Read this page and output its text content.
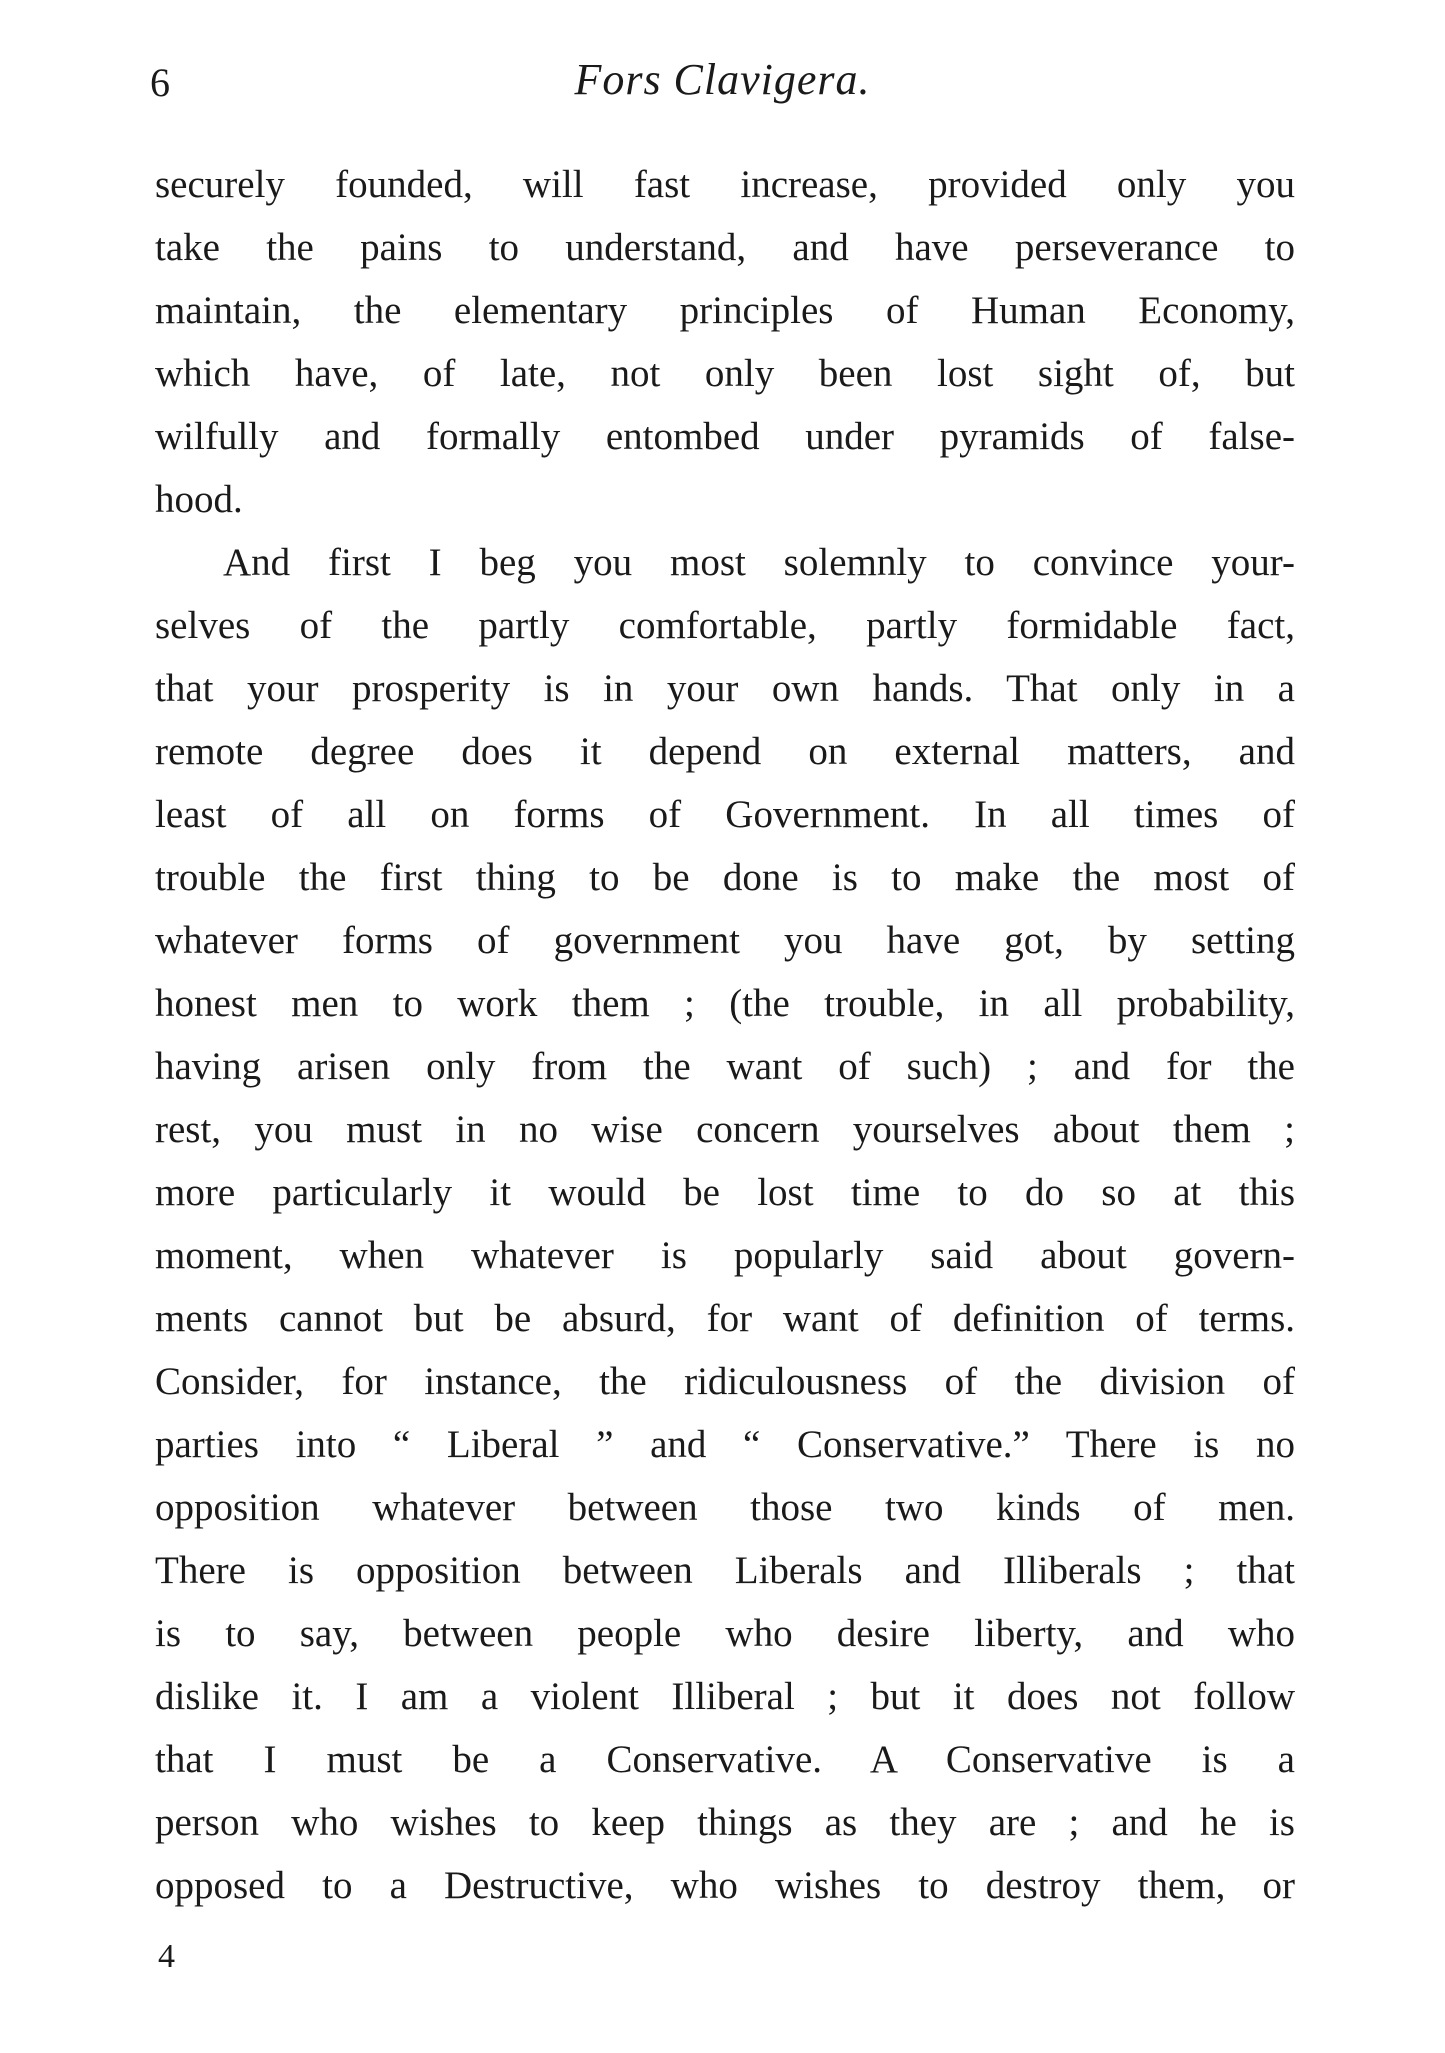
6	Fors Clavigera.
securely founded, will fast increase, provided only you
take the pains to understand, and have perseverance to
maintain, the elementary principles of Human Economy,
which have, of late, not only been lost sight of, but
wilfully and formally entombed under pyramids of false-
hood.
And first I beg you most solemnly to convince your-
selves of the partly comfortable, partly formidable fact,
that your prosperity is in your own hands. That only in a
remote degree does it depend on external matters, and
least of all on forms of Government. In all times of
trouble the first thing to be done is to make the most of
whatever forms of government you have got, by setting
honest men to work them ; (the trouble, in all probability,
having arisen only from the want of such) ; and for the
rest, you must in no wise concern yourselves about them ;
more particularly it would be lost time to do so at this
moment, when whatever is popularly said about govern-
ments cannot but be absurd, for want of definition of terms.
Consider, for instance, the ridiculousness of the division of
parties into “ Liberal ” and “ Conservative.” There is no
opposition whatever between those two kinds of men.
There is opposition between Liberals and Illiberals ; that
is to say, between people who desire liberty, and who
dislike it. I am a violent Illiberal ; but it does not follow
that I must be a Conservative. A Conservative is a
person who wishes to keep things as they are ; and he is
opposed to a Destructive, who wishes to destroy them, or
4
